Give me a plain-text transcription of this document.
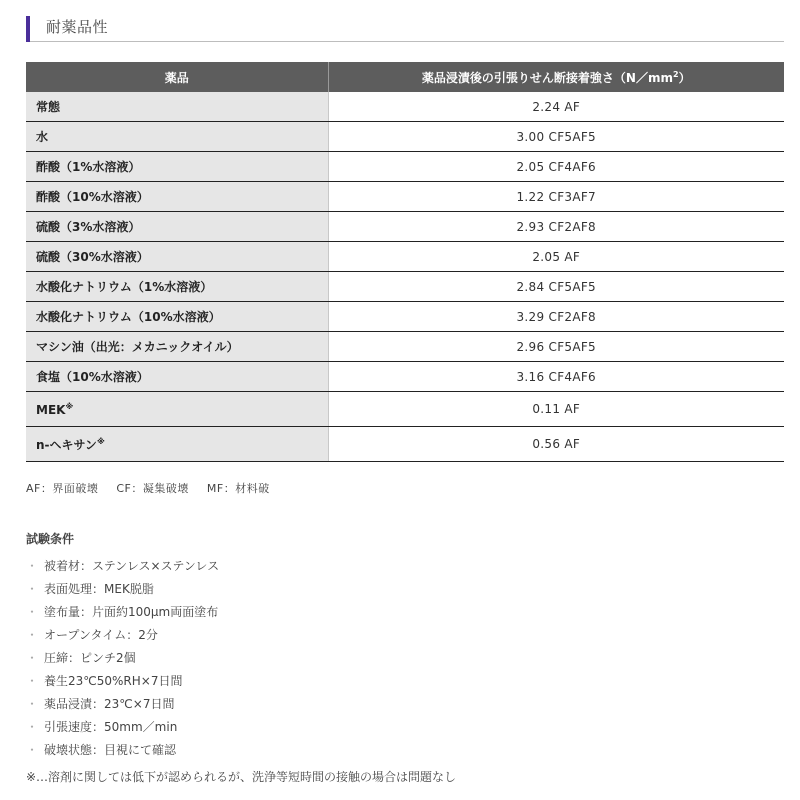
耐薬品性
薬品	薬品浸漬後の引張りせん断接着強さ$(N/mm^2)$
常態	2.24 AF
水	3.00 CF5AF5
酢酸（1%水溶液）	2.05 CF4AF6
酢酸（10%水溶液）	1.22 CF3AF7
硫酸（3%水溶液）	2.93 CF2AF8
硫酸（30%水溶液）	2.05 AF
水酸化ナトリウム（1%水溶液）	2.84 CF5AF5
水酸化ナトリウム（10%水溶液）	3.29 CF2AF8
マシン油（出光：メカニックオイル）	2.96 CF5AF5
食塩（10%水溶液）	3.16 CF4AF6
MEK※	0.11 AF
n-ヘキサン※	0.56 AF
AF：界面破壊 CF：凝集破壊 MF：材料破
試験条件
・ 被着材：ステンレス×ステンレス
・ 表面処理：MEK脱脂
・ 塗布量：片面約100μm両面塗布
・ オープンタイム：2分
・ 圧締：ピンチ2個
・ 養生23℃50%RH×7日間
・ 薬品浸漬：23℃×7日間
・ 引張速度：50mm／min
・ 破壊状態：目視にて確認
※…溶剤に関しては低下が認められるが、洗浄等短時間の接触の場合は問題なし
